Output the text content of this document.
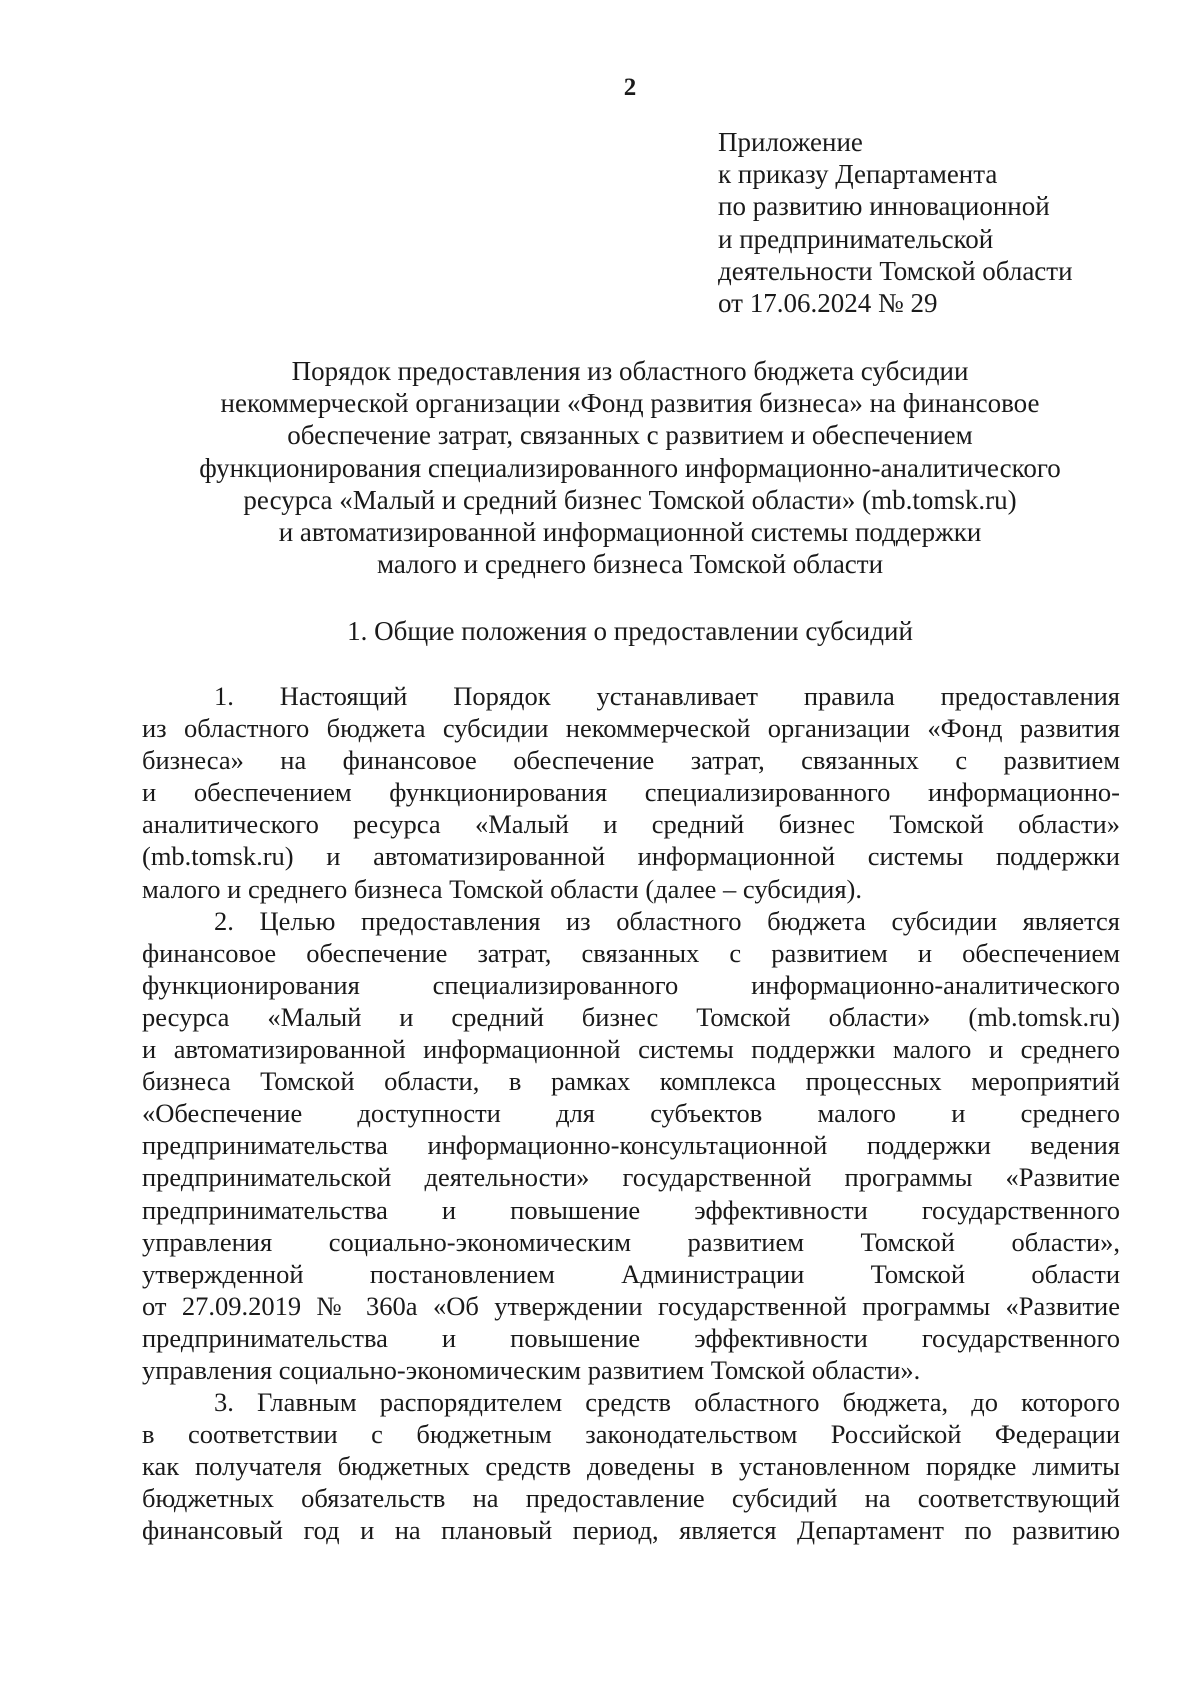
2
Приложение
к приказу Департамента
по развитию инновационной
и предпринимательской
деятельности Томской области
от 17.06.2024 № 29
Порядок предоставления из областного бюджета субсидии
некоммерческой организации «Фонд развития бизнеса» на финансовое
обеспечение затрат, связанных с развитием и обеспечением
функционирования специализированного информационно-аналитического
ресурса «Малый и средний бизнес Томской области» (mb.tomsk.ru)
и автоматизированной информационной системы поддержки
малого и среднего бизнеса Томской области
1. Общие положения о предоставлении субсидий
1. Настоящий Порядок устанавливает правила предоставления
из областного бюджета субсидии некоммерческой организации «Фонд развития
бизнеса» на финансовое обеспечение затрат, связанных с развитием
и обеспечением функционирования специализированного информационно-
аналитического ресурса «Малый и средний бизнес Томской области»
(mb.tomsk.ru) и автоматизированной информационной системы поддержки
малого и среднего бизнеса Томской области (далее – субсидия).
2. Целью предоставления из областного бюджета субсидии является
финансовое обеспечение затрат, связанных с развитием и обеспечением
функционирования специализированного информационно-аналитического
ресурса «Малый и средний бизнес Томской области» (mb.tomsk.ru)
и автоматизированной информационной системы поддержки малого и среднего
бизнеса Томской области, в рамках комплекса процессных мероприятий
«Обеспечение доступности для субъектов малого и среднего
предпринимательства информационно-консультационной поддержки ведения
предпринимательской деятельности» государственной программы «Развитие
предпринимательства и повышение эффективности государственного
управления социально-экономическим развитием Томской области»,
утвержденной постановлением Администрации Томской области
от 27.09.2019 № 360а «Об утверждении государственной программы «Развитие
предпринимательства и повышение эффективности государственного
управления социально-экономическим развитием Томской области».
3. Главным распорядителем средств областного бюджета, до которого
в соответствии с бюджетным законодательством Российской Федерации
как получателя бюджетных средств доведены в установленном порядке лимиты
бюджетных обязательств на предоставление субсидий на соответствующий
финансовый год и на плановый период, является Департамент по развитию
